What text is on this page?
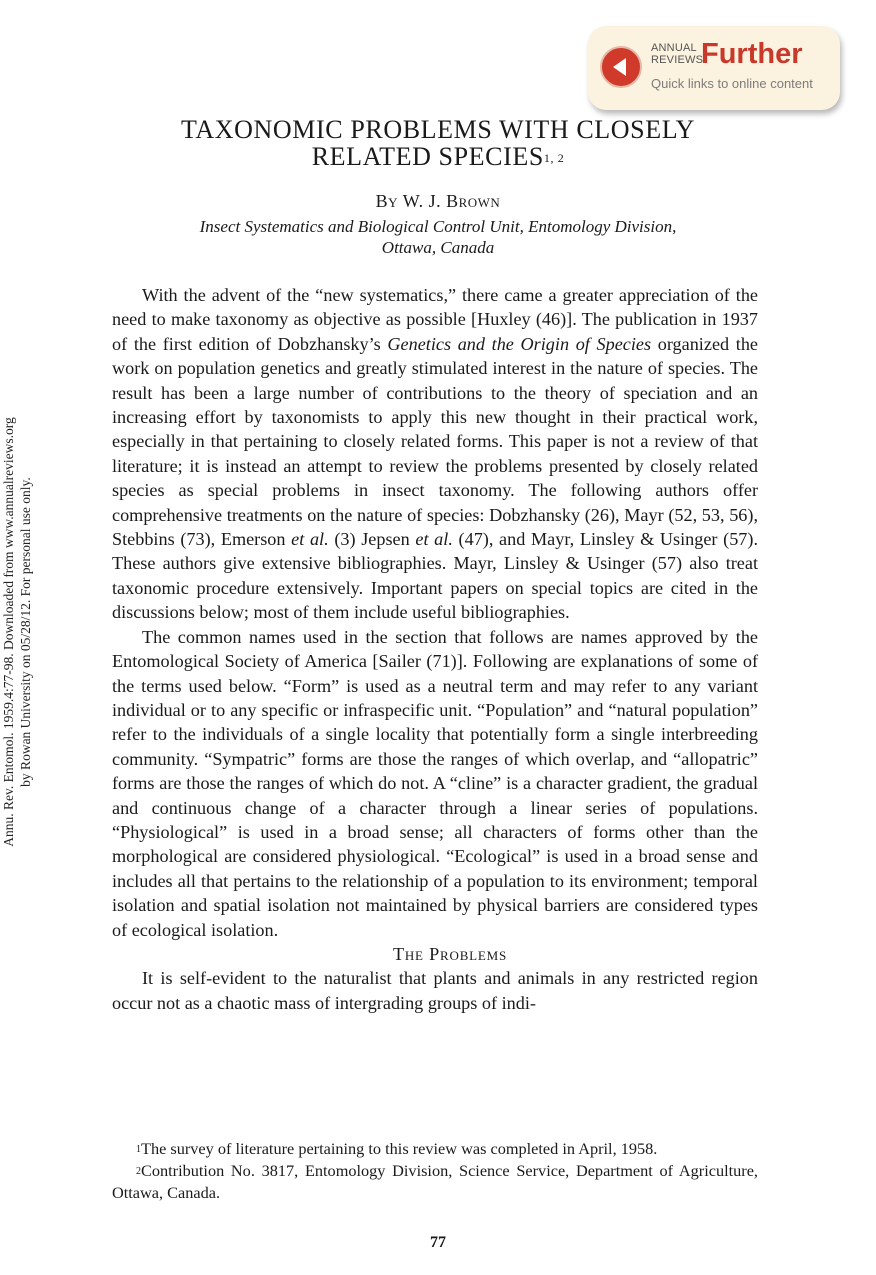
ANNUAL
REVIEWS
Further
Quick links to online content
Annu. Rev. Entomol. 1959.4:77-98. Downloaded from www.annualreviews.org by Rowan University on 05/28/12. For personal use only.
TAXONOMIC PROBLEMS WITH CLOSELY
RELATED SPECIES$^{1, 2}$
By W. J. Brown
Insect Systematics and Biological Control Unit, Entomology Division,
Ottawa, Canada

With the advent of the “new systematics,” there came a greater appreciation of the need to make taxonomy as objective as possible [Huxley (46)]. The publication in 1937 of the first edition of Dobzhansky’s Genetics and the Origin of Species organized the work on population genetics and greatly stimulated interest in the nature of species. The result has been a large number of contributions to the theory of speciation and an increasing effort by taxonomists to apply this new thought in their practical work, especially in that pertaining to closely related forms. This paper is not a review of that literature; it is instead an attempt to review the problems presented by closely related species as special problems in insect taxonomy. The following authors offer comprehensive treatments on the nature of species: Dobzhansky (26), Mayr (52, 53, 56), Stebbins (73), Emerson et al. (3) Jepsen et al. (47), and Mayr, Linsley & Usinger (57). These authors give extensive bibliographies. Mayr, Linsley & Usinger (57) also treat taxonomic procedure extensively. Important papers on special topics are cited in the discussions below; most of them include useful bibliographies.

The common names used in the section that follows are names approved by the Entomological Society of America [Sailer (71)]. Following are explanations of some of the terms used below. “Form” is used as a neutral term and may refer to any variant individual or to any specific or infraspecific unit. “Population” and “natural population” refer to the individuals of a single locality that potentially form a single interbreeding community. “Sympatric” forms are those the ranges of which overlap, and “allopatric” forms are those the ranges of which do not. A “cline” is a character gradient, the gradual and continuous change of a character through a linear series of populations. “Physiological” is used in a broad sense; all characters of forms other than the morphological are considered physiological. “Ecological” is used in a broad sense and includes all that pertains to the relationship of a population to its environment; temporal isolation and spatial isolation not maintained by physical barriers are considered types of ecological isolation.

The Problems

It is self-evident to the naturalist that plants and animals in any restricted region occur not as a chaotic mass of intergrading groups of indi-

$^1$The survey of literature pertaining to this review was completed in April, 1958.

$^2$Contribution No. 3817, Entomology Division, Science Service, Department of Agriculture, Ottawa, Canada.

77
